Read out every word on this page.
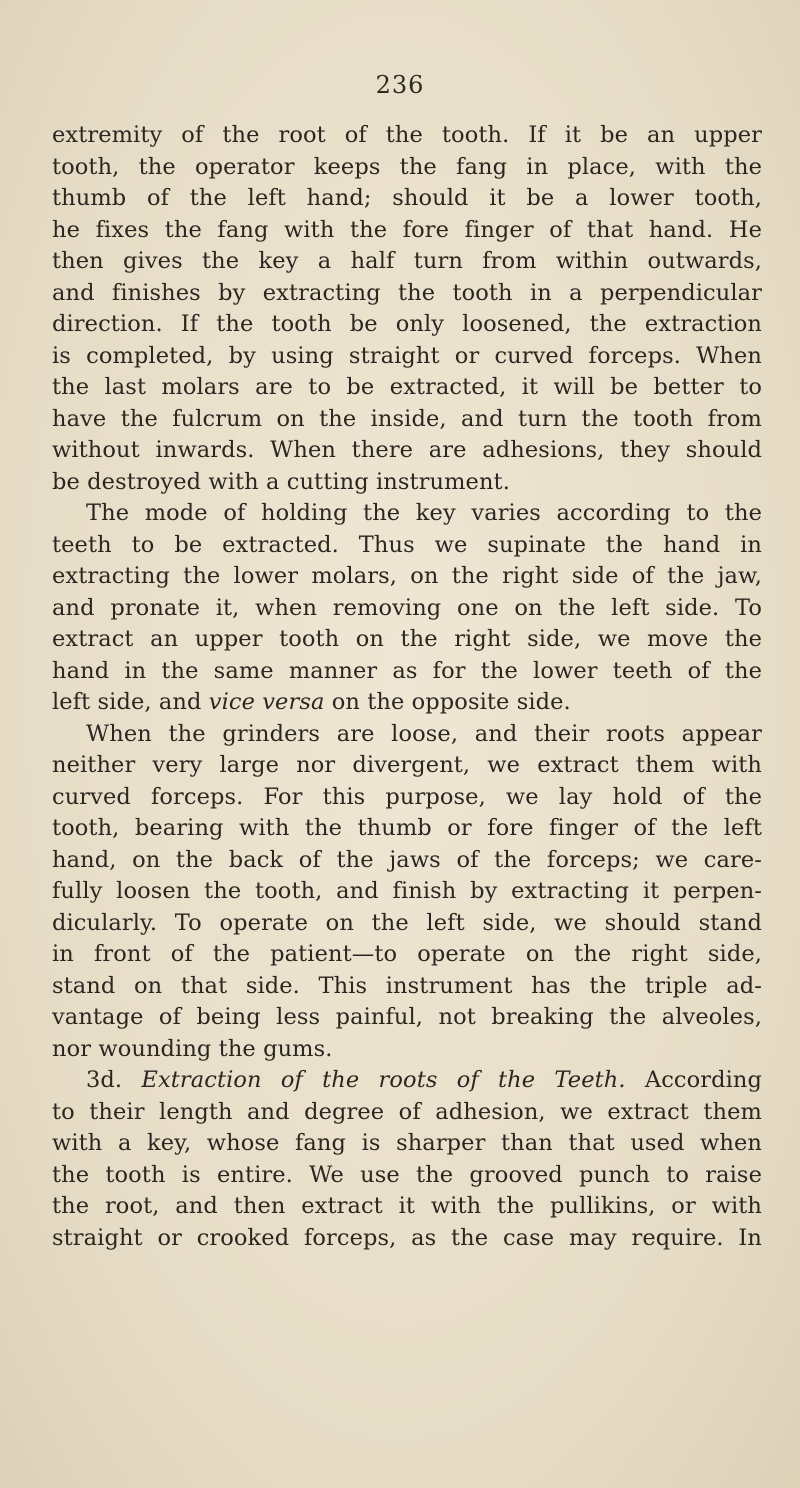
236
extremity of the root of the tooth. If it be an upper
tooth, the operator keeps the fang in place, with the
thumb of the left hand; should it be a lower tooth,
he fixes the fang with the fore finger of that hand. He
then gives the key a half turn from within outwards,
and finishes by extracting the tooth in a perpendicular
direction. If the tooth be only loosened, the extraction
is completed, by using straight or curved forceps. When
the last molars are to be extracted, it will be better to
have the fulcrum on the inside, and turn the tooth from
without inwards. When there are adhesions, they should
be destroyed with a cutting instrument.
The mode of holding the key varies according to the
teeth to be extracted. Thus we supinate the hand in
extracting the lower molars, on the right side of the jaw,
and pronate it, when removing one on the left side. To
extract an upper tooth on the right side, we move the
hand in the same manner as for the lower teeth of the
left side, and vice versa on the opposite side.
When the grinders are loose, and their roots appear
neither very large nor divergent, we extract them with
curved forceps. For this purpose, we lay hold of the
tooth, bearing with the thumb or fore finger of the left
hand, on the back of the jaws of the forceps; we care-
fully loosen the tooth, and finish by extracting it perpen-
dicularly. To operate on the left side, we should stand
in front of the patient—to operate on the right side,
stand on that side. This instrument has the triple ad-
vantage of being less painful, not breaking the alveoles,
nor wounding the gums.
3d. Extraction of the roots of the Teeth. According
to their length and degree of adhesion, we extract them
with a key, whose fang is sharper than that used when
the tooth is entire. We use the grooved punch to raise
the root, and then extract it with the pullikins, or with
straight or crooked forceps, as the case may require. In
